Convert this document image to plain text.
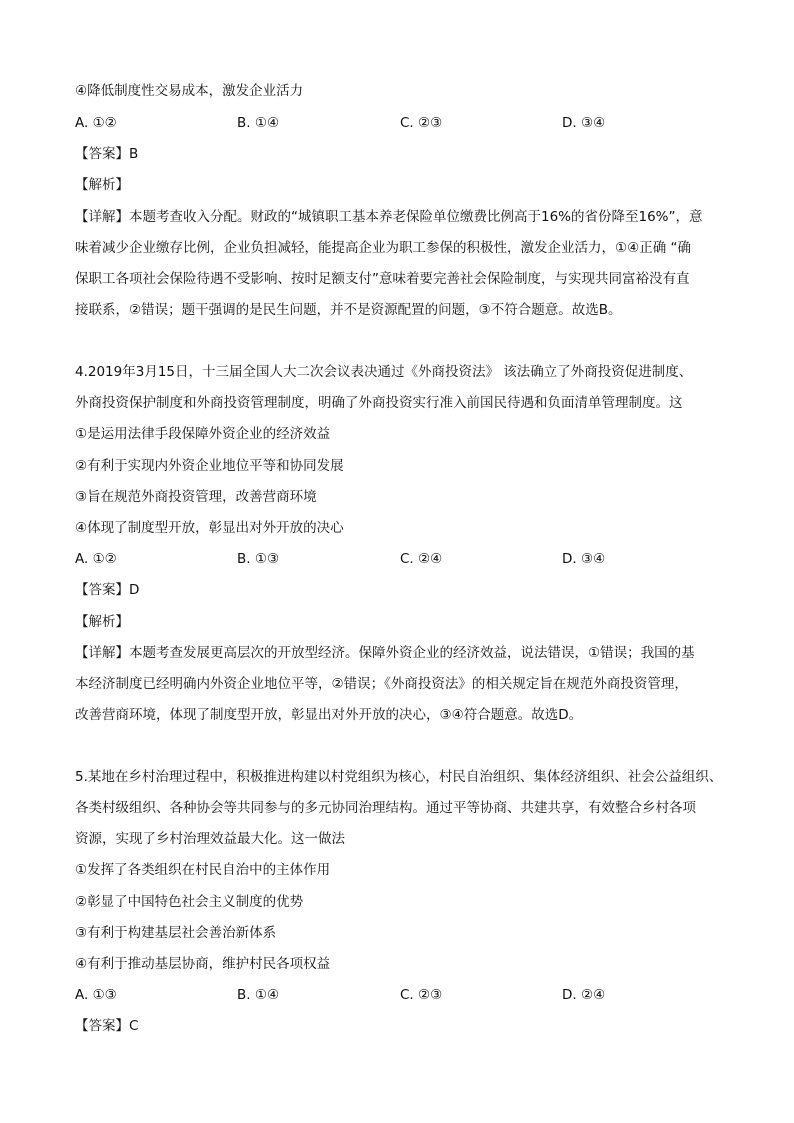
④降低制度性交易成本，激发企业活力
A. ①②	B. ①④	C. ②③	D. ③④
【答案】B
【解析】
【详解】本题考查收入分配。财政的“城镇职工基本养老保险单位缴费比例高于16%的省份降至16%”，意
味着减少企业缴存比例，企业负担减轻，能提高企业为职工参保的积极性，激发企业活力，①④正确 “确
保职工各项社会保险待遇不受影响、按时足额支付”意味着要完善社会保险制度，与实现共同富裕没有直
接联系，②错误；题干强调的是民生问题，并不是资源配置的问题，③不符合题意。故选B。
4.2019年3月15日，十三届全国人大二次会议表决通过《外商投资法》 该法确立了外商投资促进制度、
外商投资保护制度和外商投资管理制度，明确了外商投资实行准入前国民待遇和负面清单管理制度。这
①是运用法律手段保障外资企业的经济效益
②有利于实现内外资企业地位平等和协同发展
③旨在规范外商投资管理，改善营商环境
④体现了制度型开放，彰显出对外开放的决心
A. ①②	B. ①③	C. ②④	D. ③④
【答案】D
【解析】
【详解】本题考查发展更高层次的开放型经济。保障外资企业的经济效益，说法错误，①错误；我国的基
本经济制度已经明确内外资企业地位平等，②错误；《外商投资法》的相关规定旨在规范外商投资管理，
改善营商环境，体现了制度型开放，彰显出对外开放的决心，③④符合题意。故选D。
5.某地在乡村治理过程中，积极推进构建以村党组织为核心，村民自治组织、集体经济组织、社会公益组织、
各类村级组织、各种协会等共同参与的多元协同治理结构。通过平等协商、共建共享，有效整合乡村各项
资源，实现了乡村治理效益最大化。这一做法
①发挥了各类组织在村民自治中的主体作用
②彰显了中国特色社会主义制度的优势
③有利于构建基层社会善治新体系
④有利于推动基层协商，维护村民各项权益
A. ①③	B. ①④	C. ②③	D. ②④
【答案】C
